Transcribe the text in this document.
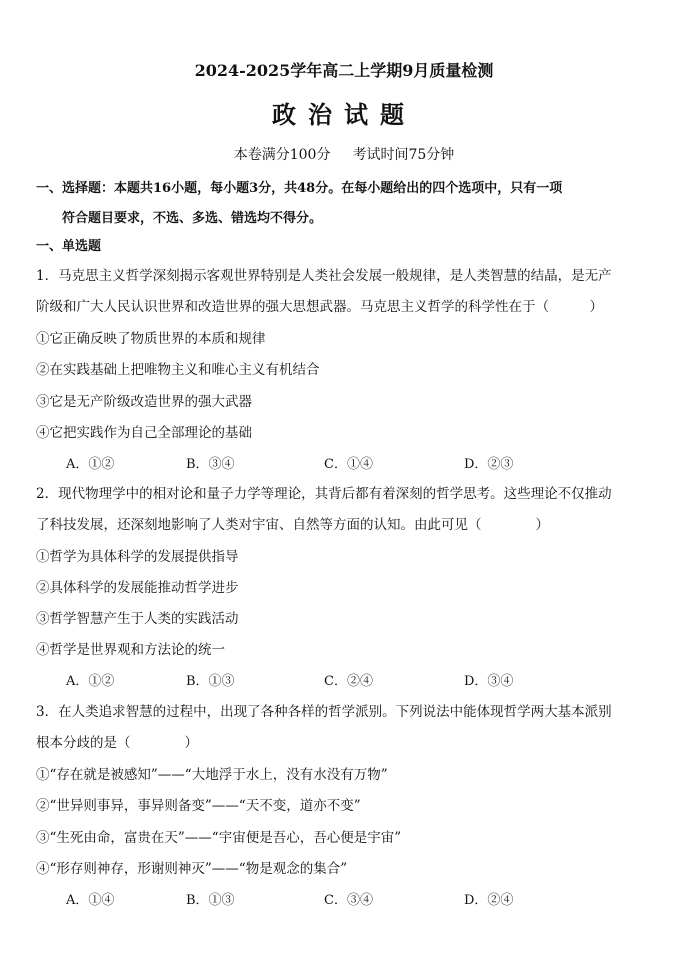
2024-2025学年高二上学期9月质量检测
政治试题
本卷满分100分 考试时间75分钟
一、选择题：本题共16小题，每小题3分，共48分。在每小题给出的四个选项中，只有一项
符合题目要求，不选、多选、错选均不得分。
一、单选题
1．马克思主义哲学深刻揭示客观世界特别是人类社会发展一般规律，是人类智慧的结晶，是无产
阶级和广大人民认识世界和改造世界的强大思想武器。马克思主义哲学的科学性在于（　　　）
①它正确反映了物质世界的本质和规律
②在实践基础上把唯物主义和唯心主义有机结合
③它是无产阶级改造世界的强大武器
④它把实践作为自己全部理论的基础
A．①②	B．③④	C．①④	D．②③
2．现代物理学中的相对论和量子力学等理论，其背后都有着深刻的哲学思考。这些理论不仅推动
了科技发展，还深刻地影响了人类对宇宙、自然等方面的认知。由此可见（　　　　）
①哲学为具体科学的发展提供指导
②具体科学的发展能推动哲学进步
③哲学智慧产生于人类的实践活动
④哲学是世界观和方法论的统一
A．①②	B．①③	C．②④	D．③④
3．在人类追求智慧的过程中，出现了各种各样的哲学派别。下列说法中能体现哲学两大基本派别
根本分歧的是（　　　　）
①“存在就是被感知”——“大地浮于水上，没有水没有万物”
②“世异则事异，事异则备变”——“天不变，道亦不变”
③“生死由命，富贵在天”——“宇宙便是吾心，吾心便是宇宙”
④“形存则神存，形谢则神灭”——“物是观念的集合”
A．①④	B．①③	C．③④	D．②④
